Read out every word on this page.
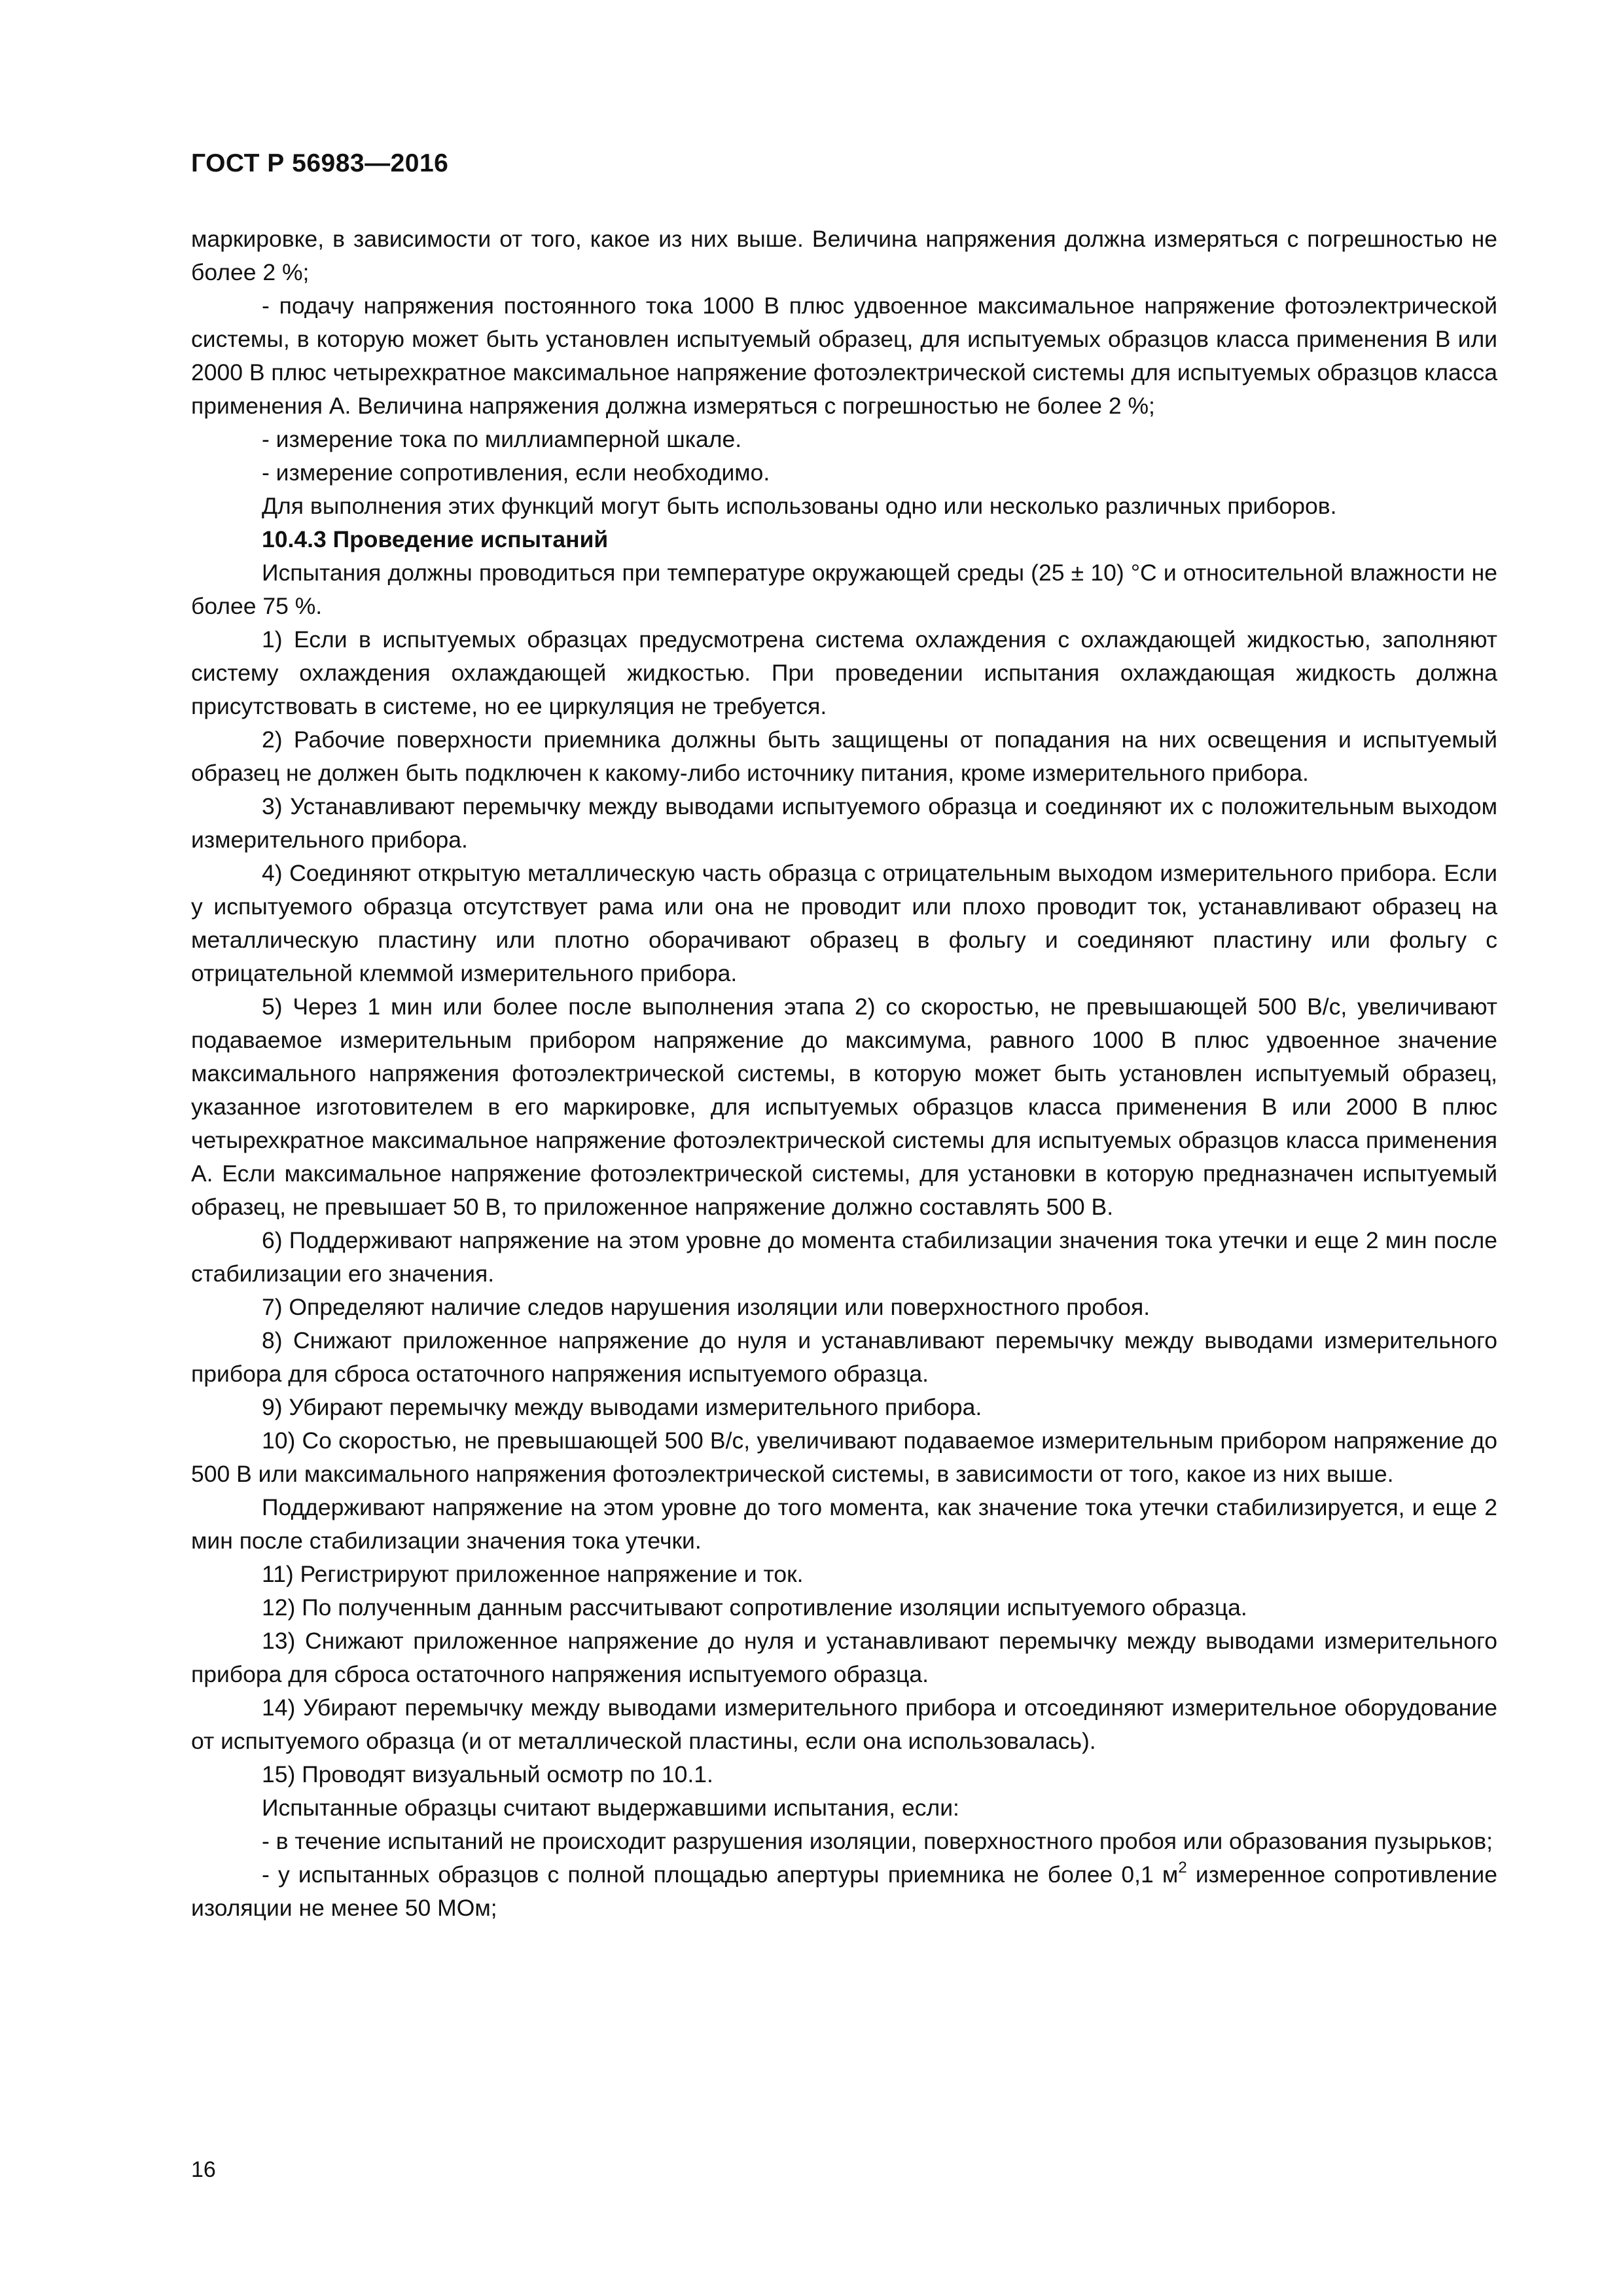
ГОСТ Р 56983—2016

маркировке, в зависимости от того, какое из них выше. Величина напряжения должна измеряться с погрешностью не более 2 %;

- подачу напряжения постоянного тока 1000 В плюс удвоенное максимальное напряжение фотоэлектрической системы, в которую может быть установлен испытуемый образец, для испытуемых образцов класса применения В или 2000 В плюс четырехкратное максимальное напряжение фотоэлектрической системы для испытуемых образцов класса применения А. Величина напряжения должна измеряться с погрешностью не более 2 %;

- измерение тока по миллиамперной шкале.

- измерение сопротивления, если необходимо.

Для выполнения этих функций могут быть использованы одно или несколько различных приборов.

10.4.3 Проведение испытаний

Испытания должны проводиться при температуре окружающей среды (25 ± 10) °С и относительной влажности не более 75 %.

1) Если в испытуемых образцах предусмотрена система охлаждения с охлаждающей жидкостью, заполняют систему охлаждения охлаждающей жидкостью. При проведении испытания охлаждающая жидкость должна присутствовать в системе, но ее циркуляция не требуется.

2) Рабочие поверхности приемника должны быть защищены от попадания на них освещения и испытуемый образец не должен быть подключен к какому-либо источнику питания, кроме измерительного прибора.

3) Устанавливают перемычку между выводами испытуемого образца и соединяют их с положительным выходом измерительного прибора.

4) Соединяют открытую металлическую часть образца с отрицательным выходом измерительного прибора. Если у испытуемого образца отсутствует рама или она не проводит или плохо проводит ток, устанавливают образец на металлическую пластину или плотно оборачивают образец в фольгу и соединяют пластину или фольгу с отрицательной клеммой измерительного прибора.

5) Через 1 мин или более после выполнения этапа 2) со скоростью, не превышающей 500 В/с, увеличивают подаваемое измерительным прибором напряжение до максимума, равного 1000 В плюс удвоенное значение максимального напряжения фотоэлектрической системы, в которую может быть установлен испытуемый образец, указанное изготовителем в его маркировке, для испытуемых образцов класса применения В или 2000 В плюс четырехкратное максимальное напряжение фотоэлектрической системы для испытуемых образцов класса применения А. Если максимальное напряжение фотоэлектрической системы, для установки в которую предназначен испытуемый образец, не превышает 50 В, то приложенное напряжение должно составлять 500 В.

6) Поддерживают напряжение на этом уровне до момента стабилизации значения тока утечки и еще 2 мин после стабилизации его значения.

7) Определяют наличие следов нарушения изоляции или поверхностного пробоя.

8) Снижают приложенное напряжение до нуля и устанавливают перемычку между выводами измерительного прибора для сброса остаточного напряжения испытуемого образца.

9) Убирают перемычку между выводами измерительного прибора.

10) Со скоростью, не превышающей 500 В/с, увеличивают подаваемое измерительным прибором напряжение до 500 В или максимального напряжения фотоэлектрической системы, в зависимости от того, какое из них выше.

Поддерживают напряжение на этом уровне до того момента, как значение тока утечки стабилизируется, и еще 2 мин после стабилизации значения тока утечки.

11) Регистрируют приложенное напряжение и ток.

12) По полученным данным рассчитывают сопротивление изоляции испытуемого образца.

13) Снижают приложенное напряжение до нуля и устанавливают перемычку между выводами измерительного прибора для сброса остаточного напряжения испытуемого образца.

14) Убирают перемычку между выводами измерительного прибора и отсоединяют измерительное оборудование от испытуемого образца (и от металлической пластины, если она использовалась).

15) Проводят визуальный осмотр по 10.1.

Испытанные образцы считают выдержавшими испытания, если:

- в течение испытаний не происходит разрушения изоляции, поверхностного пробоя или образования пузырьков;

- у испытанных образцов с полной площадью апертуры приемника не более 0,1 $м^2$ измеренное сопротивление изоляции не менее 50 МОм;

16
